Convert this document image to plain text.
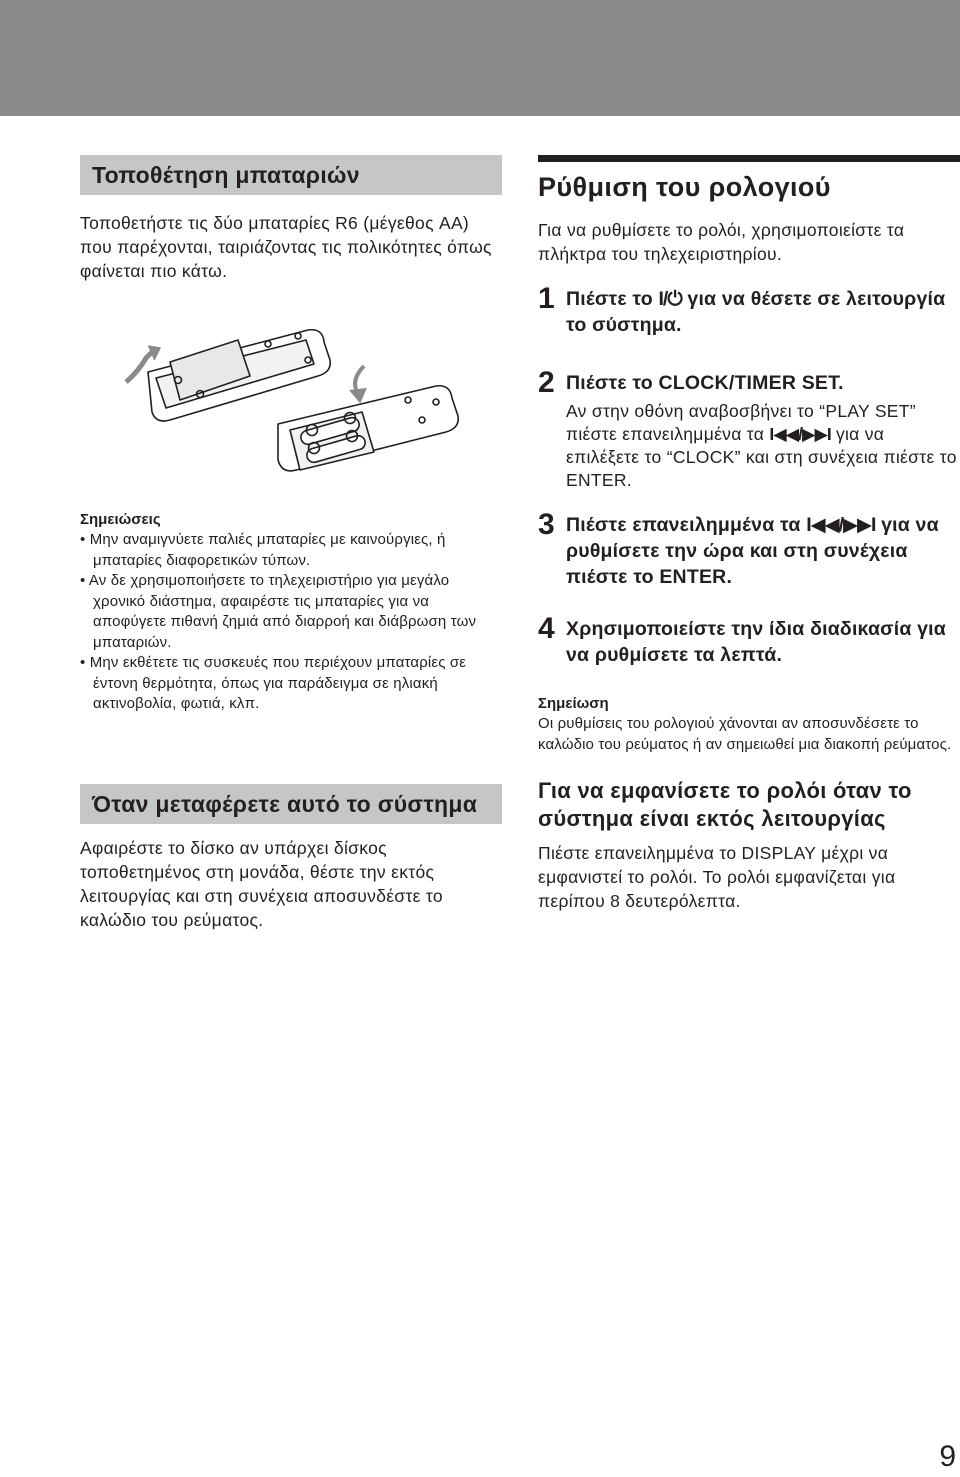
Τοποθέτηση μπαταριών
Τοποθετήστε τις δύο μπαταρίες R6 (μέγεθος AA) που παρέχονται, ταιριάζοντας τις πολικότητες όπως φαίνεται πιο κάτω.
Σημειώσεις
• Μην αναμιγνύετε παλιές μπαταρίες με καινούργιες, ή μπαταρίες διαφορετικών τύπων.
• Αν δε χρησιμοποιήσετε το τηλεχειριστήριο για μεγάλο χρονικό διάστημα, αφαιρέστε τις μπαταρίες για να αποφύγετε πιθανή ζημιά από διαρροή και διάβρωση των μπαταριών.
• Μην εκθέτετε τις συσκευές που περιέχουν μπαταρίες σε έντονη θερμότητα, όπως για παράδειγμα σε ηλιακή ακτινοβολία, φωτιά, κλπ.
Όταν μεταφέρετε αυτό το σύστημα
Αφαιρέστε το δίσκο αν υπάρχει δίσκος τοποθετημένος στη μονάδα, θέστε την εκτός λειτουργίας και στη συνέχεια αποσυνδέστε το καλώδιο του ρεύματος.
Ρύθμιση του ρολογιού
Για να ρυθμίσετε το ρολόι, χρησιμοποιείστε τα πλήκτρα του τηλεχειριστηρίου.
1 Πιέστε το I/⏻ για να θέσετε σε λειτουργία το σύστημα.
2 Πιέστε το CLOCK/TIMER SET.
Αν στην οθόνη αναβοσβήνει το “PLAY SET” πιέστε επανειλημμένα τα I◀◀/▶▶I για να επιλέξετε το “CLOCK” και στη συνέχεια πιέστε το ENTER.
3 Πιέστε επανειλημμένα τα I◀◀/▶▶I για να ρυθμίσετε την ώρα και στη συνέχεια πιέστε το ENTER.
4 Χρησιμοποιείστε την ίδια διαδικασία για να ρυθμίσετε τα λεπτά.
Σημείωση
Οι ρυθμίσεις του ρολογιού χάνονται αν αποσυνδέσετε το καλώδιο του ρεύματος ή αν σημειωθεί μια διακοπή ρεύματος.
Για να εμφανίσετε το ρολόι όταν το σύστημα είναι εκτός λειτουργίας
Πιέστε επανειλημμένα το DISPLAY μέχρι να εμφανιστεί το ρολόι. Το ρολόι εμφανίζεται για περίπου 8 δευτερόλεπτα.
9
